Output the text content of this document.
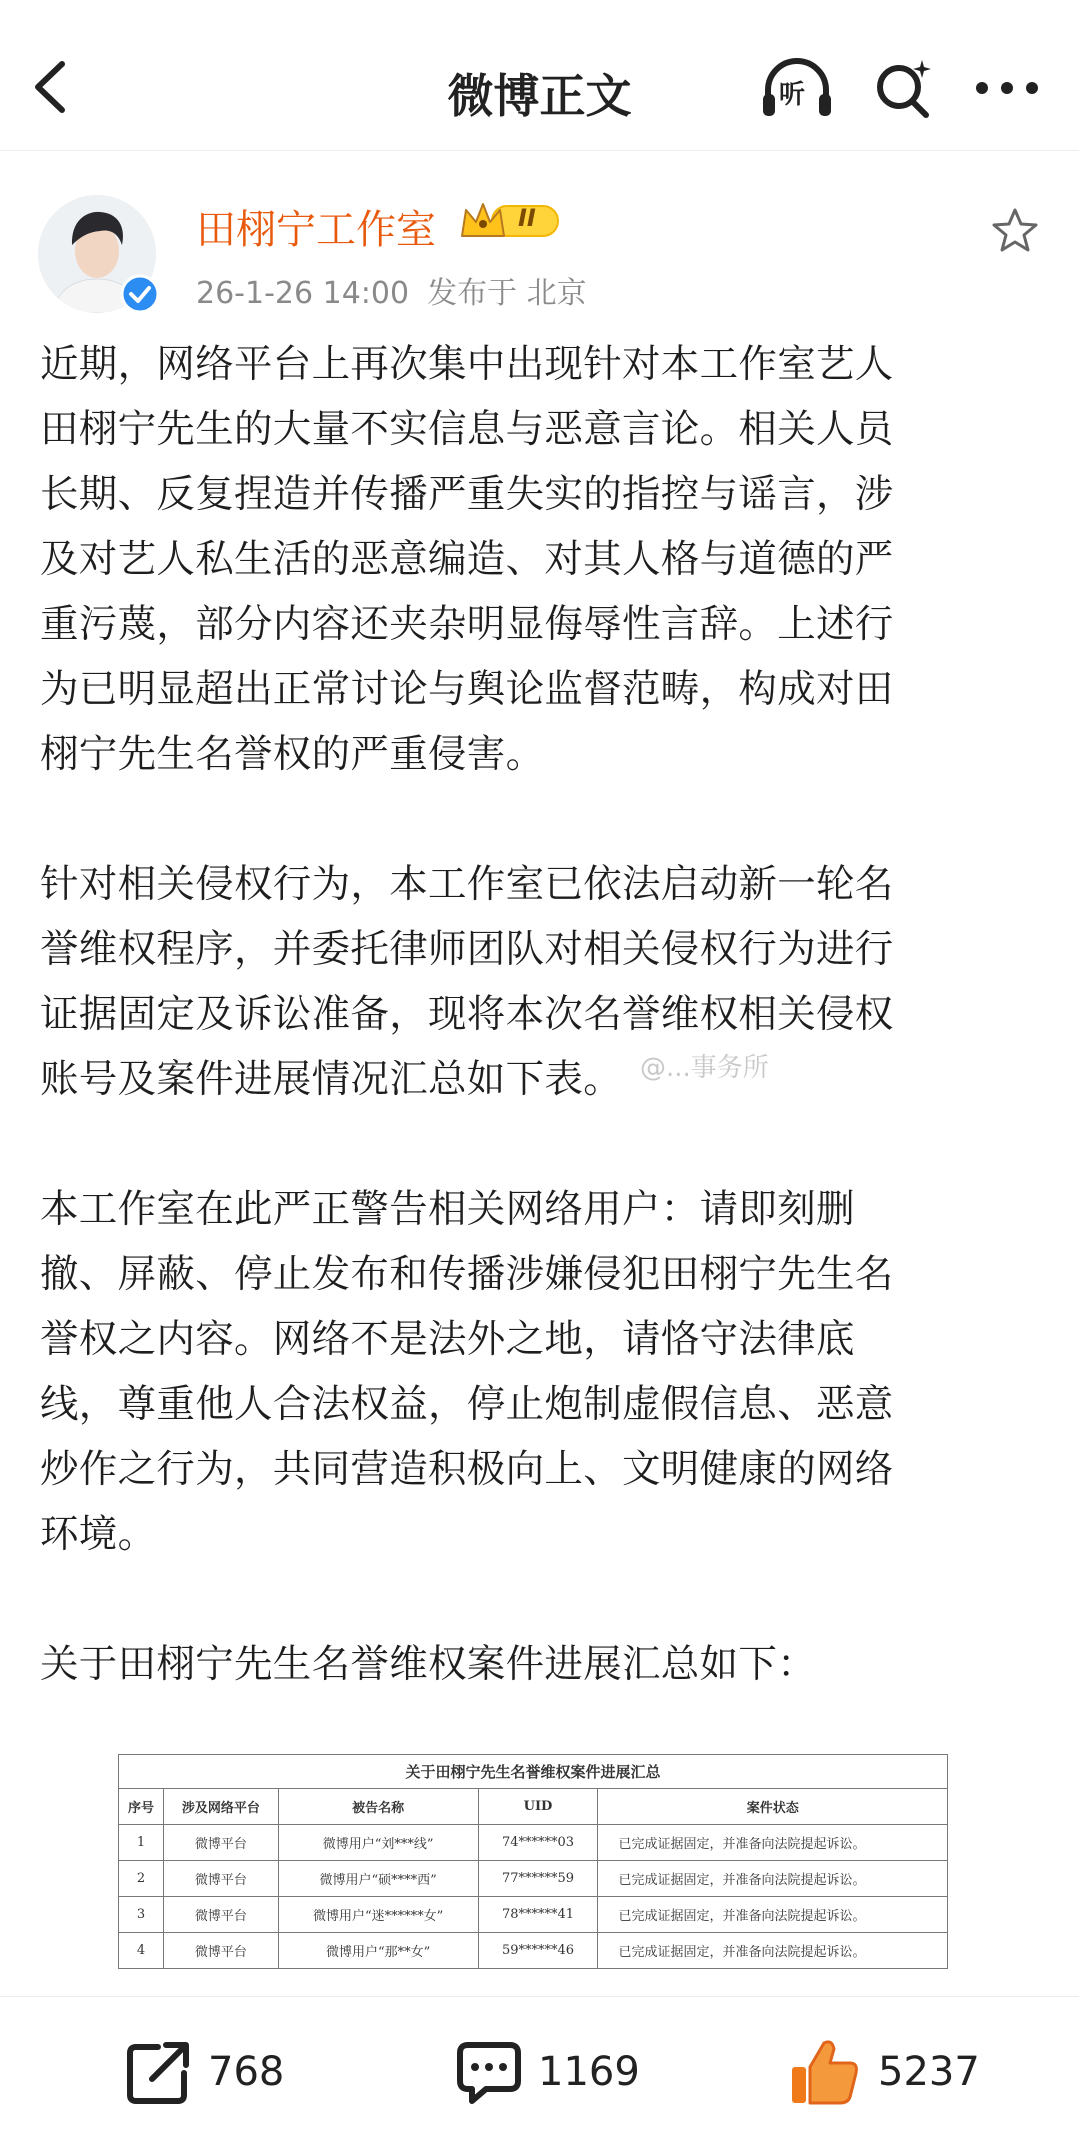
微博正文	听
田栩宁工作室	II
26-1-26 14:00 发布于 北京

近期，网络平台上再次集中出现针对本工作室艺人
田栩宁先生的大量不实信息与恶意言论。相关人员
长期、反复捏造并传播严重失实的指控与谣言，涉
及对艺人私生活的恶意编造、对其人格与道德的严
重污蔑，部分内容还夹杂明显侮辱性言辞。上述行
为已明显超出正常讨论与舆论监督范畴，构成对田
栩宁先生名誉权的严重侵害。

针对相关侵权行为，本工作室已依法启动新一轮名
誉维权程序，并委托律师团队对相关侵权行为进行
证据固定及诉讼准备，现将本次名誉维权相关侵权
账号及案件进展情况汇总如下表。

本工作室在此严正警告相关网络用户：请即刻删
撤、屏蔽、停止发布和传播涉嫌侵犯田栩宁先生名
誉权之内容。网络不是法外之地，请恪守法律底
线，尊重他人合法权益，停止炮制虚假信息、恶意
炒作之行为，共同营造积极向上、文明健康的网络
环境。

关于田栩宁先生名誉维权案件进展汇总如下：

@...事务所
关于田栩宁先生名誉维权案件进展汇总
序号	涉及网络平台	被告名称	UID	案件状态
1	微博平台	微博用户“刘***线”	74******03	已完成证据固定，并准备向法院提起诉讼。
2	微博平台	微博用户“硕****西”	77******59	已完成证据固定，并准备向法院提起诉讼。
3	微博平台	微博用户“迷******女”	78******41	已完成证据固定，并准备向法院提起诉讼。
4	微博平台	微博用户“那**女”	59******46	已完成证据固定，并准备向法院提起诉讼。
768	1169	5237
